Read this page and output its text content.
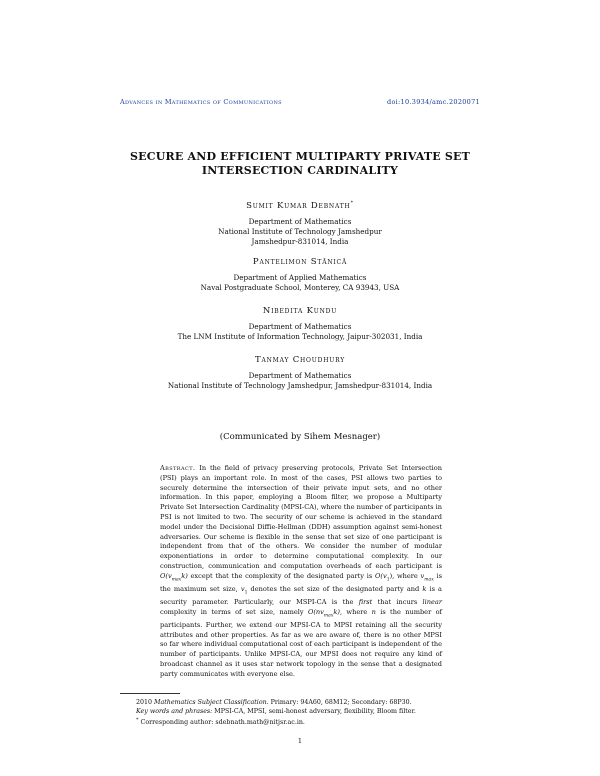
Advances in Mathematics of Communications	doi:10.3934/amc.2020071
SECURE AND EFFICIENT MULTIPARTY PRIVATE SET
INTERSECTION CARDINALITY
Sumit Kumar Debnath*
Department of Mathematics
National Institute of Technology Jamshedpur
Jamshedpur-831014, India
Pantelimon Stănică
Department of Applied Mathematics
Naval Postgraduate School, Monterey, CA 93943, USA
Nibedita Kundu
Department of Mathematics
The LNM Institute of Information Technology, Jaipur-302031, India
Tanmay Choudhury
Department of Mathematics
National Institute of Technology Jamshedpur, Jamshedpur-831014, India
(Communicated by Sihem Mesnager)
Abstract. In the field of privacy preserving protocols, Private Set Intersection (PSI) plays an important role. In most of the cases, PSI allows two parties to securely determine the intersection of their private input sets, and no other information. In this paper, employing a Bloom filter, we propose a Multiparty Private Set Intersection Cardinality (MPSI-CA), where the number of participants in PSI is not limited to two. The security of our scheme is achieved in the standard model under the Decisional Diffie-Hellman (DDH) assumption against semi-honest adversaries. Our scheme is flexible in the sense that set size of one participant is independent from that of the others. We consider the number of modular exponentiations in order to determine computational complexity. In our construction, communication and computation overheads of each participant is $O(v_{max}k)$ except that the complexity of the designated party is $O(v_1)$, where $v_{max}$ is the maximum set size, $v_1$ denotes the set size of the designated party and k is a security parameter. Particularly, our MSPI-CA is the first that incurs linear complexity in terms of set size, namely $O(nv_{max}k)$, where n is the number of participants. Further, we extend our MPSI-CA to MPSI retaining all the security attributes and other properties. As far as we are aware of, there is no other MPSI so far where individual computational cost of each participant is independent of the number of participants. Unlike MPSI-CA, our MPSI does not require any kind of broadcast channel as it uses star network topology in the sense that a designated party communicates with everyone else.
2010 Mathematics Subject Classification. Primary: 94A60, 68M12; Secondary: 68P30.
Key words and phrases: MPSI-CA, MPSI, semi-honest adversary, flexibility, Bloom filter.
* Corresponding author: sdebnath.math@nitjsr.ac.in.
1
